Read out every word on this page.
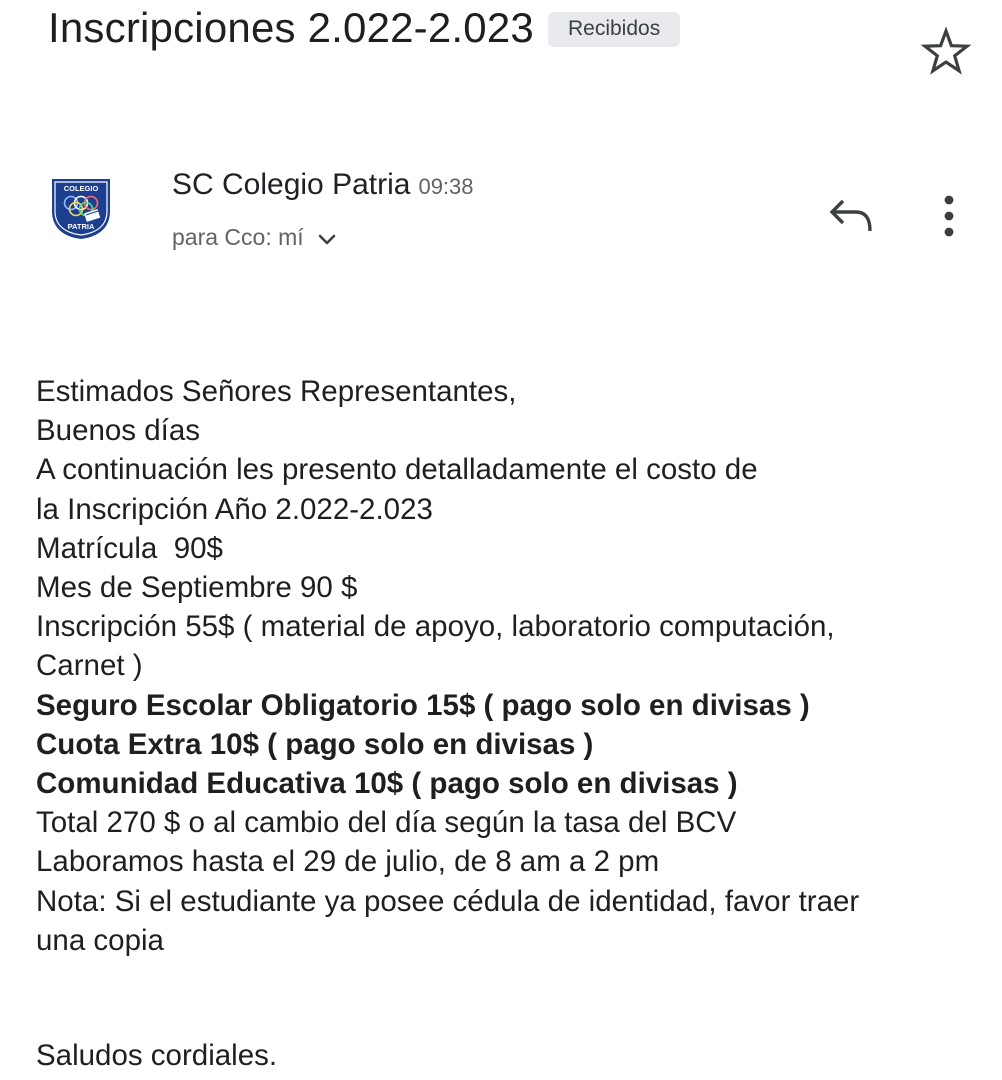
Inscripciones 2.022-2.023	Recibidos
COLEGIO
PATRIA
SC Colegio Patria 09:38
para Cco: mí
Estimados Señores Representantes,
Buenos días
A continuación les presento detalladamente el costo de
la Inscripción Año 2.022-2.023
Matrícula  90$
Mes de Septiembre 90 $
Inscripción 55$ ( material de apoyo, laboratorio computación,
Carnet )
Seguro Escolar Obligatorio 15$ ( pago solo en divisas )
Cuota Extra 10$ ( pago solo en divisas )
Comunidad Educativa 10$ ( pago solo en divisas )
Total 270 $ o al cambio del día según la tasa del BCV
Laboramos hasta el 29 de julio, de 8 am a 2 pm
Nota: Si el estudiante ya posee cédula de identidad, favor traer
una copia
Saludos cordiales.
